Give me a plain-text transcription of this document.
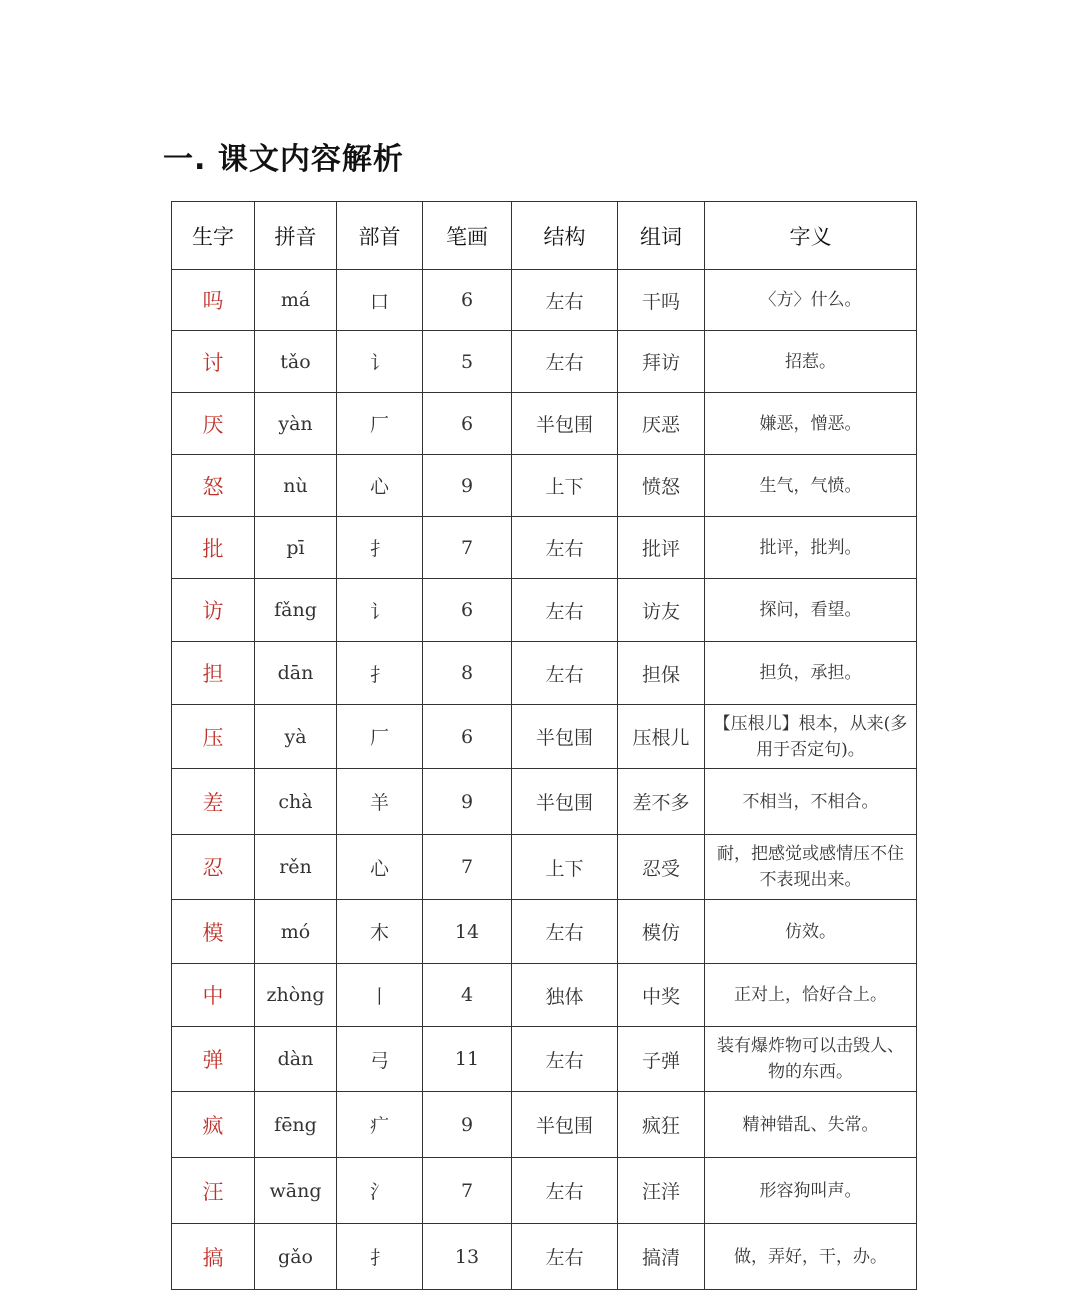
一. 课文内容解析
生字	拼音	部首	笔画	结构	组词	字义
吗	má	口	6	左右	干吗	〈方〉什么。
讨	tǎo	讠	5	左右	拜访	招惹。
厌	yàn	厂	6	半包围	厌恶	嫌恶，憎恶。
怒	nù	心	9	上下	愤怒	生气，气愤。
批	pī	扌	7	左右	批评	批评，批判。
访	fǎng	讠	6	左右	访友	探问，看望。
担	dān	扌	8	左右	担保	担负，承担。
压	yà	厂	6	半包围	压根儿	【压根儿】根本，从来(多用于否定句)。
差	chà	羊	9	半包围	差不多	不相当，不相合。
忍	rěn	心	7	上下	忍受	耐，把感觉或感情压不住不表现出来。
模	mó	木	14	左右	模仿	仿效。
中	zhòng	丨	4	独体	中奖	正对上，恰好合上。
弹	dàn	弓	11	左右	子弹	装有爆炸物可以击毁人、物的东西。
疯	fēng	疒	9	半包围	疯狂	精神错乱、失常。
汪	wāng	氵	7	左右	汪洋	形容狗叫声。
搞	gǎo	扌	13	左右	搞清	做，弄好，干，办。
